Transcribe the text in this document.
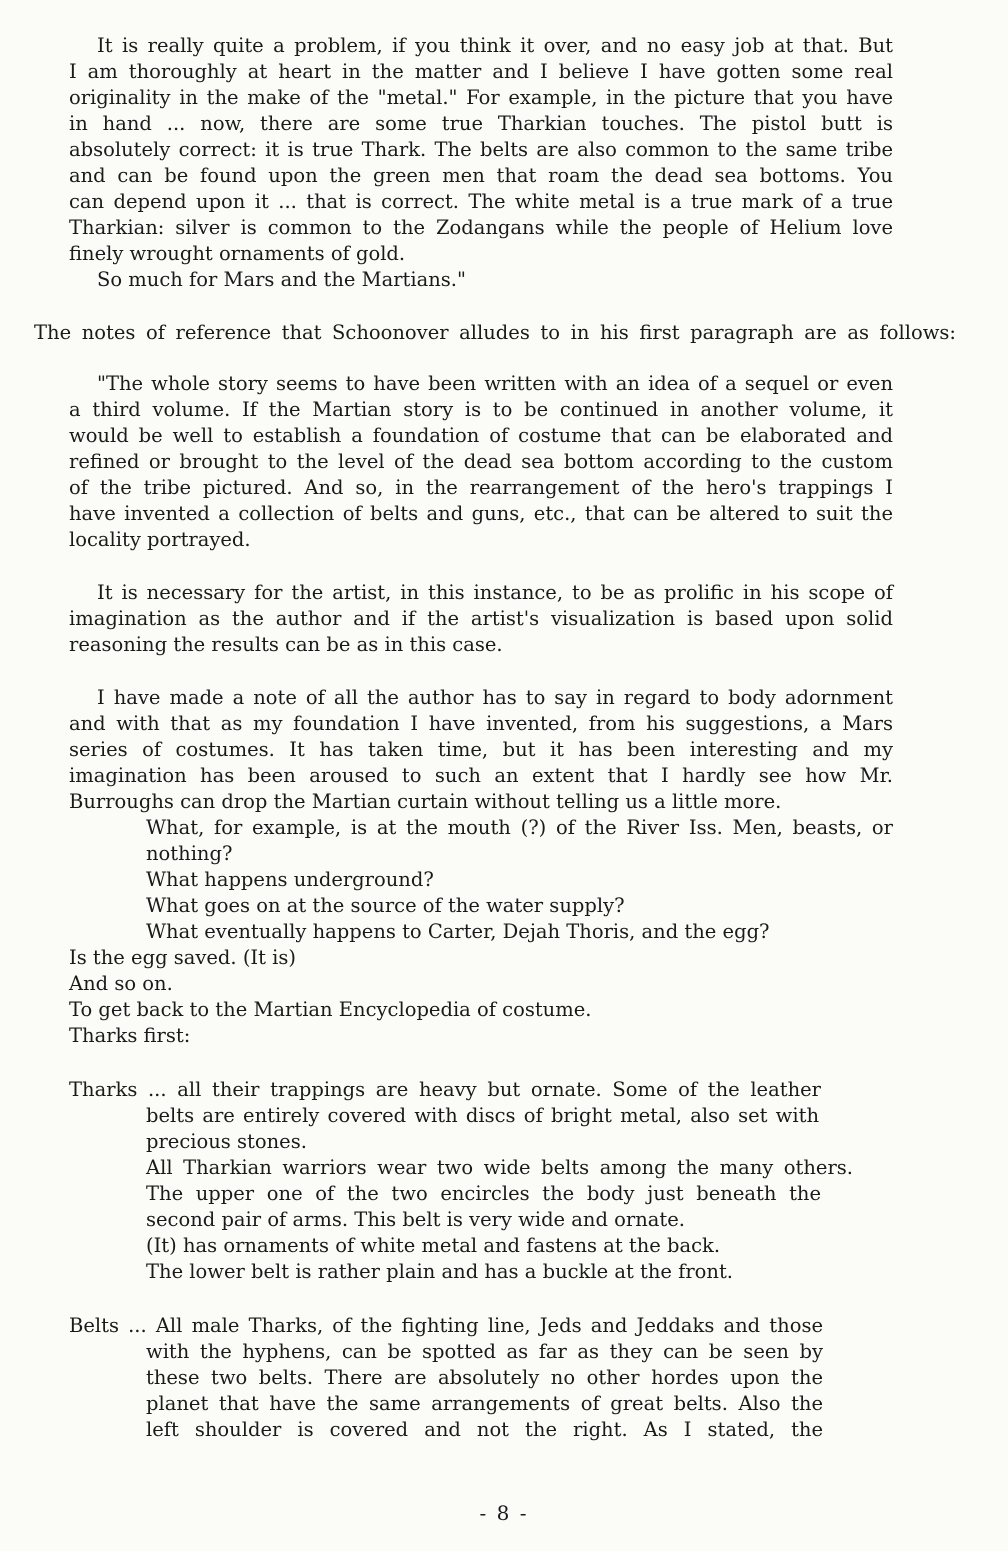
It is really quite a problem, if you think it over, and no easy job at that. But
I am thoroughly at heart in the matter and I believe I have gotten some real
originality in the make of the "metal." For example, in the picture that you have
in hand ... now, there are some true Tharkian touches. The pistol butt is
absolutely correct: it is true Thark. The belts are also common to the same tribe
and can be found upon the green men that roam the dead sea bottoms. You
can depend upon it ... that is correct. The white metal is a true mark of a true
Tharkian: silver is common to the Zodangans while the people of Helium love
finely wrought ornaments of gold.
So much for Mars and the Martians."
The notes of reference that Schoonover alludes to in his first paragraph are as follows:
"The whole story seems to have been written with an idea of a sequel or even
a third volume. If the Martian story is to be continued in another volume, it
would be well to establish a foundation of costume that can be elaborated and
refined or brought to the level of the dead sea bottom according to the custom
of the tribe pictured. And so, in the rearrangement of the hero's trappings I
have invented a collection of belts and guns, etc., that can be altered to suit the
locality portrayed.
It is necessary for the artist, in this instance, to be as prolific in his scope of
imagination as the author and if the artist's visualization is based upon solid
reasoning the results can be as in this case.
I have made a note of all the author has to say in regard to body adornment
and with that as my foundation I have invented, from his suggestions, a Mars
series of costumes. It has taken time, but it has been interesting and my
imagination has been aroused to such an extent that I hardly see how Mr.
Burroughs can drop the Martian curtain without telling us a little more.
What, for example, is at the mouth (?) of the River Iss. Men, beasts, or
nothing?
What happens underground?
What goes on at the source of the water supply?
What eventually happens to Carter, Dejah Thoris, and the egg?
Is the egg saved. (It is)
And so on.
To get back to the Martian Encyclopedia of costume.
Tharks first:
Tharks ... all their trappings are heavy but ornate. Some of the leather
belts are entirely covered with discs of bright metal, also set with
precious stones.
All Tharkian warriors wear two wide belts among the many others.
The upper one of the two encircles the body just beneath the
second pair of arms. This belt is very wide and ornate.
(It) has ornaments of white metal and fastens at the back.
The lower belt is rather plain and has a buckle at the front.
Belts ... All male Tharks, of the fighting line, Jeds and Jeddaks and those
with the hyphens, can be spotted as far as they can be seen by
these two belts. There are absolutely no other hordes upon the
planet that have the same arrangements of great belts. Also the
left shoulder is covered and not the right. As I stated, the
- 8 -
